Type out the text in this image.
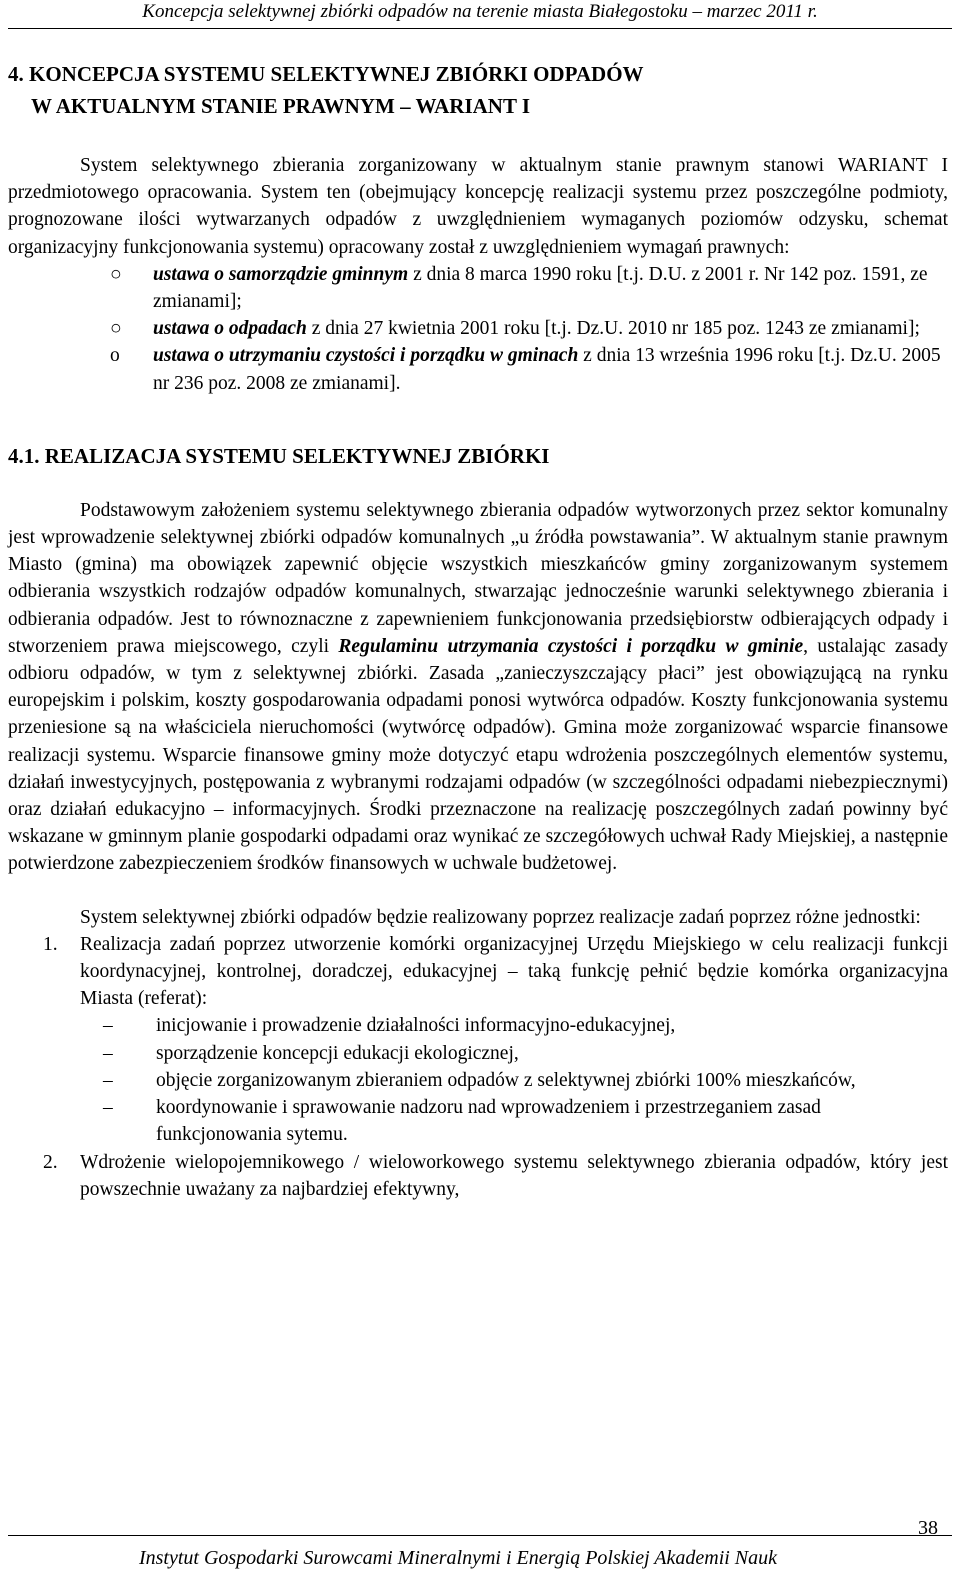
Koncepcja selektywnej zbiórki odpadów na terenie miasta Białegostoku – marzec 2011 r.
4. KONCEPCJA SYSTEMU SELEKTYWNEJ ZBIÓRKI ODPADÓW
W AKTUALNYM STANIE PRAWNYM – WARIANT I

System selektywnego zbierania zorganizowany w aktualnym stanie prawnym stanowi WARIANT I przedmiotowego opracowania. System ten (obejmujący koncepcję realizacji systemu przez poszczególne podmioty, prognozowane ilości wytwarzanych odpadów z uwzględnieniem wymaganych poziomów odzysku, schemat organizacyjny funkcjonowania systemu) opracowany został z uwzględnieniem wymagań prawnych:

○ ustawa o samorządzie gminnym z dnia 8 marca 1990 roku [t.j. D.U. z 2001 r. Nr 142 poz. 1591, ze zmianami];
○ ustawa o odpadach z dnia 27 kwietnia 2001 roku [t.j. Dz.U. 2010 nr 185 poz. 1243 ze zmianami];
o ustawa o utrzymaniu czystości i porządku w gminach z dnia 13 września 1996 roku [t.j. Dz.U. 2005 nr 236 poz. 2008 ze zmianami].
4.1. REALIZACJA SYSTEMU SELEKTYWNEJ ZBIÓRKI

Podstawowym założeniem systemu selektywnego zbierania odpadów wytworzonych przez sektor komunalny jest wprowadzenie selektywnej zbiórki odpadów komunalnych „u źródła powstawania”. W aktualnym stanie prawnym Miasto (gmina) ma obowiązek zapewnić objęcie wszystkich mieszkańców gminy zorganizowanym systemem odbierania wszystkich rodzajów odpadów komunalnych, stwarzając jednocześnie warunki selektywnego zbierania i odbierania odpadów. Jest to równoznaczne z zapewnieniem funkcjonowania przedsiębiorstw odbierających odpady i stworzeniem prawa miejscowego, czyli Regulaminu utrzymania czystości i porządku w gminie, ustalając zasady odbioru odpadów, w tym z selektywnej zbiórki. Zasada „zanieczyszczający płaci” jest obowiązującą na rynku europejskim i polskim, koszty gospodarowania odpadami ponosi wytwórca odpadów. Koszty funkcjonowania systemu przeniesione są na właściciela nieruchomości (wytwórcę odpadów). Gmina może zorganizować wsparcie finansowe realizacji systemu. Wsparcie finansowe gminy może dotyczyć etapu wdrożenia poszczególnych elementów systemu, działań inwestycyjnych, postępowania z wybranymi rodzajami odpadów (w szczególności odpadami niebezpiecznymi) oraz działań edukacyjno – informacyjnych. Środki przeznaczone na realizację poszczególnych zadań powinny być wskazane w gminnym planie gospodarki odpadami oraz wynikać ze szczegółowych uchwał Rady Miejskiej, a następnie potwierdzone zabezpieczeniem środków finansowych w uchwale budżetowej.

System selektywnej zbiórki odpadów będzie realizowany poprzez realizacje zadań poprzez różne jednostki:

1. Realizacja zadań poprzez utworzenie komórki organizacyjnej Urzędu Miejskiego w celu realizacji funkcji koordynacyjnej, kontrolnej, doradczej, edukacyjnej – taką funkcję pełnić będzie komórka organizacyjna Miasta (referat):
– inicjowanie i prowadzenie działalności informacyjno-edukacyjnej,
– sporządzenie koncepcji edukacji ekologicznej,
– objęcie zorganizowanym zbieraniem odpadów z selektywnej zbiórki 100% mieszkańców,
– koordynowanie i sprawowanie nadzoru nad wprowadzeniem i przestrzeganiem zasad funkcjonowania sytemu.
2. Wdrożenie wielopojemnikowego / wieloworkowego systemu selektywnego zbierania odpadów, który jest powszechnie uważany za najbardziej efektywny,
38
Instytut Gospodarki Surowcami Mineralnymi i Energią Polskiej Akademii Nauk
